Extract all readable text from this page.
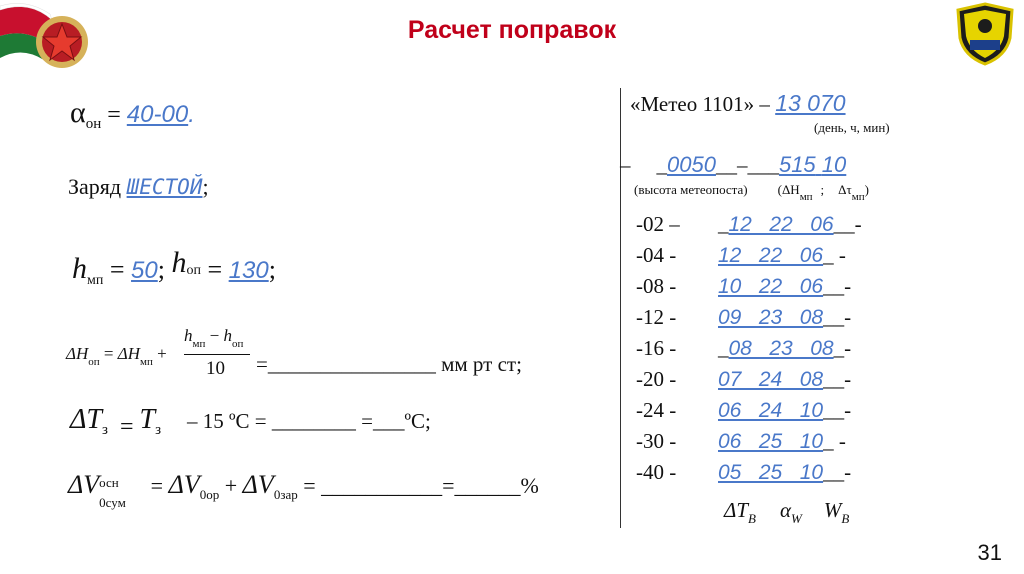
Расчет поправок
$\alpha_{он} = 40-00$.
Заряд ШЕСТОЙ;
$h_{мп} = 50$; $h^{оп} = 130$;
$\Delta H_{оп} = \Delta H_{мп}$ +
$h_{мп} - h_{оп}$
10 =________________ мм рт ст;
$\Delta T_з = T_з - 15$ ºС = ________ =___ºС;
ΔV осн
0сум
= $\Delta V_{0ор} + \Delta V_{0зар}$ = ___________=______%
«Метео 1101» – 13 070
(день, ч, мин)
– _0050__–___515 10
(высота метеопоста) ($\Delta H_{мп}$ ; $\Delta\tau_{мп}$)
-02 – _12   22   06__-
-04 - 12   22   06_ -
-08 - 10   22   06__-
-12 - 09   23   08__-
-16 - _08   23   08_-
-20 - 07   24   08__-
-24 - 06   24   10__-
-30 - 06   25   10_ -
-40 - 05   25   10__-
$\Delta T_B$ $\alpha_W$ $W_B$
31
